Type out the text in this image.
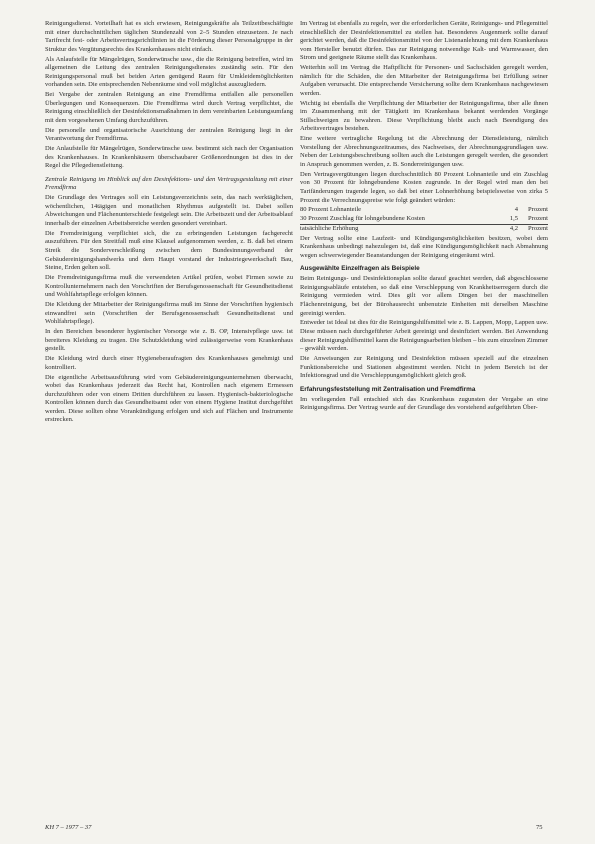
Reinigungsdienst. Vorteilhaft hat es sich erwiesen, Reinigungskräfte als Teilzeitbeschäftigte mit einer durchschnittlichen täglichen Stundenzahl von 2–5 Stunden einzusetzen. Je nach Tarifrecht fest- oder Arbeitsvertragsrichtlinien ist die Förderung dieser Personalgruppe in der Struktur des Vergütungsrechts des Krankenhauses nicht einfach.

Als Anlaufstelle für Mängelrügen, Sonderwünsche usw., die die Reinigung betreffen, wird im allgemeinen die Leitung des zentralen Reinigungsdienstes zuständig sein. Für den Reinigungspersonal muß bei beiden Arten genügend Raum für Umkleidemöglichkeiten vorhanden sein. Die entsprechenden Nebenräume sind voll möglichst auszugliedern.

Bei Vergabe der zentralen Reinigung an eine Fremdfirma entfallen alle personellen Überlegungen und Konsequenzen. Die Fremdfirma wird durch Vertrag verpflichtet, die Reinigung einschließlich der Desinfektionsmaßnahmen in dem vereinbarten Leistungsumfang mit dem vorgesehenen Umfang durchzuführen.

Die personelle und organisatorische Ausrichtung der zentralen Reinigung liegt in der Verantwortung der Fremdfirma.

Die Anlaufstelle für Mängelrügen, Sonderwünsche usw. bestimmt sich nach der Organisation des Krankenhauses. In Krankenhäusern überschaubarer Größenordnungen ist dies in der Regel die Pflegedienstleitung.

Zentrale Reinigung im Hinblick auf den Desinfektions- und den Vertragsgestaltung mit einer Fremdfirma

Die Grundlage des Vertrages soll ein Leistungsverzeichnis sein, das nach werktäglichen, wöchentlichen, 14tägigen und monatlichen Rhythmus aufgestellt ist. Dabei sollen Abweichungen und Flächenunterschiede festgelegt sein. Die Arbeitszeit und der Arbeitsablauf innerhalb der einzelnen Arbeitsbereiche werden gesondert vereinbart.

Die Fremdreinigung verpflichtet sich, die zu erbringenden Leistungen fachgerecht auszuführen. Für den Streitfall muß eine Klausel aufgenommen werden, z. B. daß bei einem Streik die Sonderverschleißung zwischen dem Bundesinnungsverband der Gebäudereinigungshandwerks und dem Haupt vorstand der Industriegewerkschaft Bau, Steine, Erden gelten soll.

Die Fremdreinigungsfirma muß die verwendeten Artikel prüfen, wobei Firmen sowie zu Kontrollunternehmern nach den Vorschriften der Berufsgenossenschaft für Gesundheitsdienst und Wohlfahrtspflege erfolgen können.

Die Kleidung der Mitarbeiter der Reinigungsfirma muß im Sinne der Vorschriften hygienisch einwandfrei sein (Vorschriften der Berufsgenossenschaft Gesundheitsdienst und Wohlfahrtspflege).

In den Bereichen besonderer hygienischer Vorsorge wie z. B. OP, Intensivpflege usw. ist bereiteres Kleidung zu tragen. Die Schutzkleidung wird zulässigerweise vom Krankenhaus gestellt.

Die Kleidung wird durch einer Hygieneberaufragten des Krankenhauses genehmigt und kontrolliert.

Die eigentliche Arbeitsausführung wird vom Gebäudereinigungsunternehmen überwacht, wobei das Krankenhaus jederzeit das Recht hat, Kontrollen nach eigenem Ermessen durchzuführen oder von einem Dritten durchführen zu lassen. Hygienisch-bakteriologische Kontrollen können durch das Gesundheitsamt oder von einem Hygiene Institut durchgeführt werden. Diese sollten ohne Vorankündigung erfolgen und sich auf Flächen und Instrumente erstrecken.

Im Vertrag ist ebenfalls zu regeln, wer die erforderlichen Geräte, Reinigungs- und Pflegemittel einschließlich der Desinfektionsmittel zu stellen hat. Besonderes Augenmerk sollte darauf gerichtet werden, daß die Desinfektionsmittel von der Listenanlehnung mit dem Krankenhaus vom Hersteller benutzt dürfen. Das zur Reinigung notwendige Kalt- und Warmwasser, den Strom und geeignete Räume stellt das Krankenhaus.

Weiterhin soll im Vertrag die Haftpflicht für Personen- und Sachschäden geregelt werden, nämlich für die Schäden, die den Mitarbeiter der Reinigungsfirma bei Erfüllung seiner Aufgaben verursacht. Die entsprechende Versicherung sollte dem Krankenhaus nachgewiesen werden.

Wichtig ist ebenfalls die Verpflichtung der Mitarbeiter der Reinigungsfirma, über alle ihnen im Zusammenhang mit der Tätigkeit im Krankenhaus bekannt werdenden Vorgänge Stillschweigen zu bewahren. Diese Verpflichtung bleibt auch nach Beendigung des Arbeitsvertrages bestehen.

Eine weitere vertragliche Regelung ist die Abrechnung der Dienstleistung, nämlich Vorstellung der Abrechnungszeitraumes, des Nachweises, der Abrechnungsgrundlagen usw. Neben der Leistungsbeschreibung sollten auch die Leistungen geregelt werden, die gesondert in Anspruch genommen werden, z. B. Sonderreinigungen usw.

Den Vertragsvergütungen liegen durchschnittlich 80 Prozent Lohnanteile und ein Zuschlag von 30 Prozent für lohngebundene Kosten zugrunde. In der Regel wird man den bei Tarifänderungen tragende legen, so daß bei einer Lohnerhöhung beispielsweise von zirka 5 Prozent die Verrechnungspreise wie folgt geändert würden:

80 Prozent Lohnanteile	4	Prozent
30 Prozent Zuschlag für lohngebundene Kosten	1,5	Prozent
tatsächliche Erhöhung	4,2	Prozent

Der Vertrag sollte eine Laufzeit- und Kündigungsmöglichkeiten besitzen, wobei dem Krankenhaus unbedingt nahezulegen ist, daß eine Kündigungsmöglichkeit nach Abmahnung wegen schwerwiegender Beanstandungen der Reinigung eingeräumt wird.

Ausgewählte Einzelfragen als Beispiele

Beim Reinigungs- und Desinfektionsplan sollte darauf geachtet werden, daß abgeschlossene Reinigungsabläufe entstehen, so daß eine Verschleppung von Krankheitserregern durch die Reinigung vermieden wird. Dies gilt vor allem Dingen bei der maschinellen Flächenreinigung, bei der Bürohausrecht unbenutzte Einheiten mit derselben Maschine gereinigt werden.

Entweder ist Ideal ist dies für die Reinigungshilfsmittel wie z. B. Lappen, Mopp, Lappen usw. Diese müssen nach durchgeführter Arbeit gereinigt und desinfiziert werden. Bei Anwendung dieser Reinigungshilfsmittel kann die Reinigungsarbeiten bleiben – bis zum einzelnen Zimmer – gewählt werden.

Die Anweisungen zur Reinigung und Desinfektion müssen speziell auf die einzelnen Funktionsbereiche und Stationen abgestimmt werden. Nicht in jedem Bereich ist der Infektionsgrad und die Verschleppungsmöglichkeit gleich groß.

Erfahrungsfeststellung mit Zentralisation und Fremdfirma

Im vorliegenden Fall entschied sich das Krankenhaus zugunsten der Vergabe an eine Reinigungsfirma. Der Vertrag wurde auf der Grundlage des vorstehend aufgeführten Über-

KH 7 – 1977 – 37	75
